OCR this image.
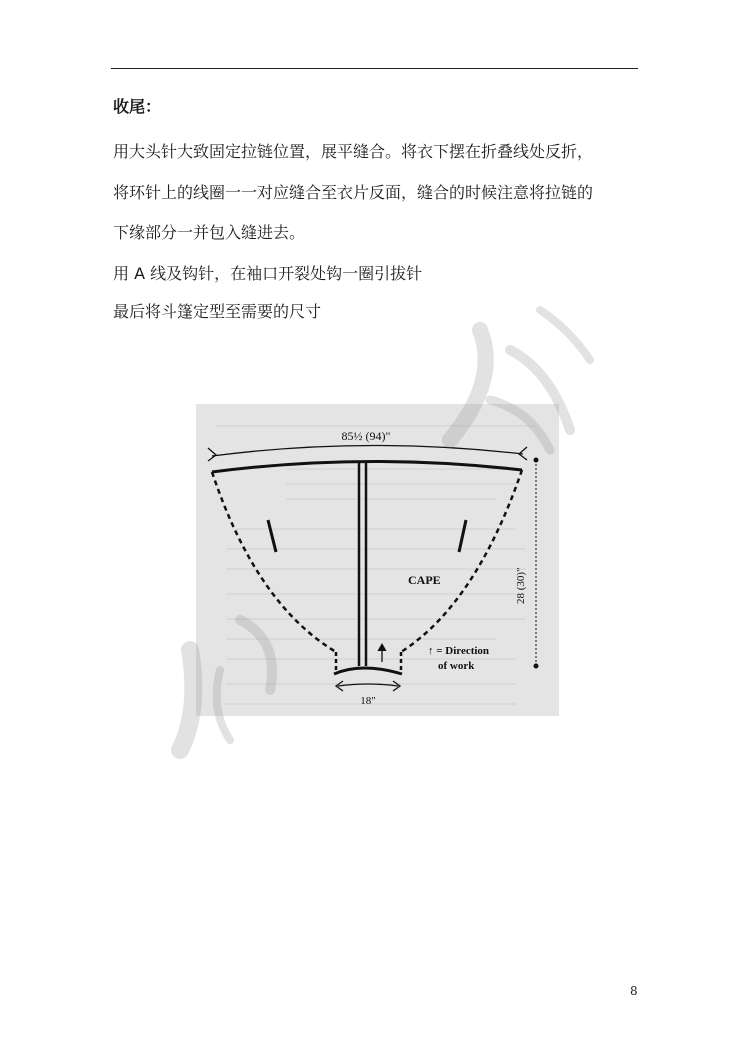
收尾：
用大头针大致固定拉链位置，展平缝合。将衣下摆在折叠线处反折，
将环针上的线圈一一对应缝合至衣片反面，缝合的时候注意将拉链的
下缘部分一并包入缝进去。
用 A 线及钩针，在袖口开裂处钩一圈引拔针
最后将斗篷定型至需要的尺寸
85½ (94)"
CAPE
↑ = Direction
of work
28 (30)"
18"
8
